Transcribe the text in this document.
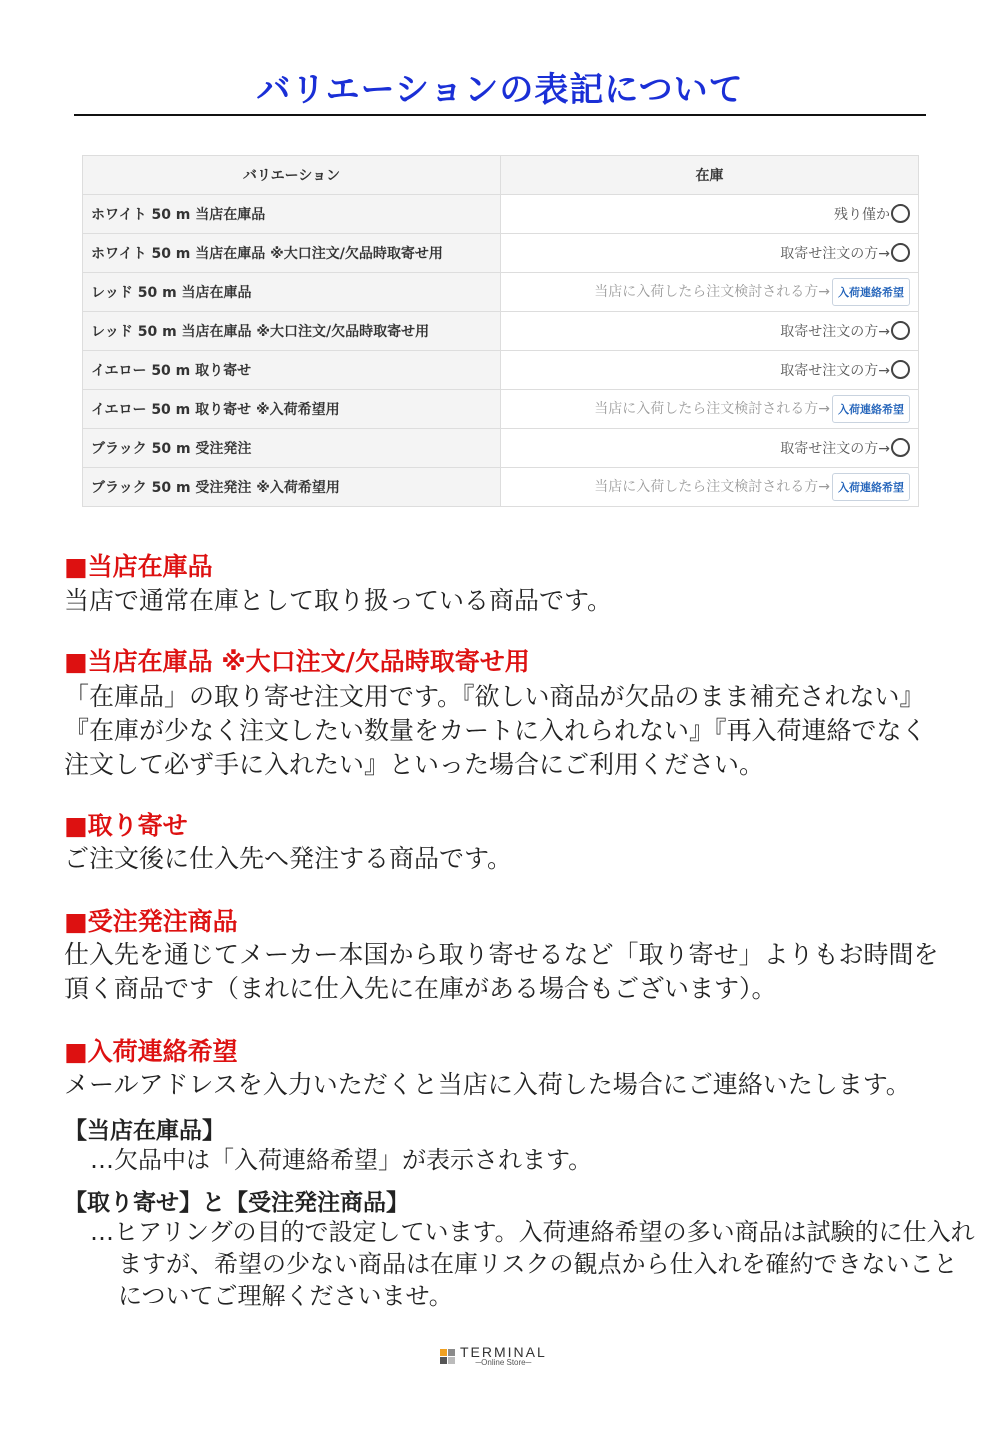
バリエーションの表記について
バリエーション	在庫
ホワイト 50 m 当店在庫品	残り僅か
ホワイト 50 m 当店在庫品 ※大口注文/欠品時取寄せ用	取寄せ注文の方→
レッド 50 m 当店在庫品	当店に入荷したら注文検討される方→ 入荷連絡希望
レッド 50 m 当店在庫品 ※大口注文/欠品時取寄せ用	取寄せ注文の方→
イエロー 50 m 取り寄せ	取寄せ注文の方→
イエロー 50 m 取り寄せ ※入荷希望用	当店に入荷したら注文検討される方→ 入荷連絡希望
ブラック 50 m 受注発注	取寄せ注文の方→
ブラック 50 m 受注発注 ※入荷希望用	当店に入荷したら注文検討される方→ 入荷連絡希望
■当店在庫品
当店で通常在庫として取り扱っている商品です。
■当店在庫品 ※大口注文/欠品時取寄せ用
「在庫品」の取り寄せ注文用です。『欲しい商品が欠品のまま補充されない』『在庫が少なく注文したい数量をカートに入れられない』『再入荷連絡でなく注文して必ず手に入れたい』といった場合にご利用ください。
■取り寄せ
ご注文後に仕入先へ発注する商品です。
■受注発注商品
仕入先を通じてメーカー本国から取り寄せるなど「取り寄せ」よりもお時間を頂く商品です（まれに仕入先に在庫がある場合もございます）。
■入荷連絡希望
メールアドレスを入力いただくと当店に入荷した場合にご連絡いたします。
【当店在庫品】
…欠品中は「入荷連絡希望」が表示されます。
【取り寄せ】と【受注発注商品】
…ヒアリングの目的で設定しています。入荷連絡希望の多い商品は試験的に仕入れますが、希望の少ない商品は在庫リスクの観点から仕入れを確約できないことについてご理解くださいませ。
TERMINAL
─Online Store─
